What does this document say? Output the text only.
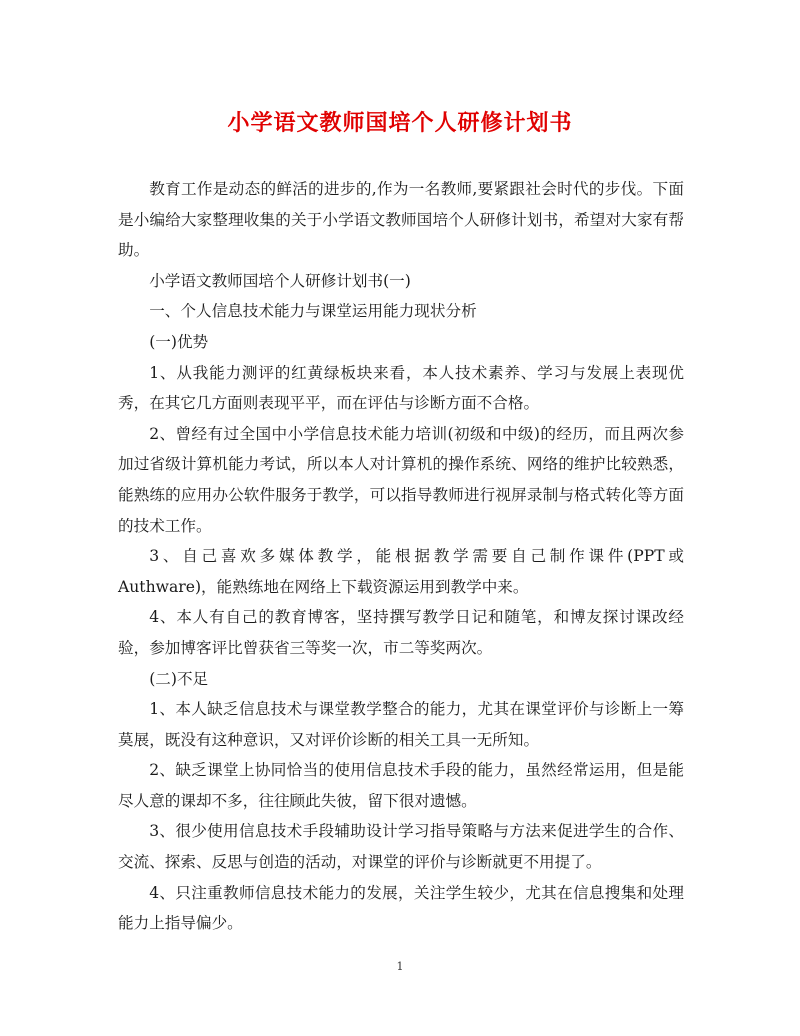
小学语文教师国培个人研修计划书

教育工作是动态的鲜活的进步的,作为一名教师,要紧跟社会时代的步伐。下面是小编给大家整理收集的关于小学语文教师国培个人研修计划书，希望对大家有帮助。

小学语文教师国培个人研修计划书(一)

一、个人信息技术能力与课堂运用能力现状分析

(一)优势

1、从我能力测评的红黄绿板块来看，本人技术素养、学习与发展上表现优秀，在其它几方面则表现平平，而在评估与诊断方面不合格。

2、曾经有过全国中小学信息技术能力培训(初级和中级)的经历，而且两次参加过省级计算机能力考试，所以本人对计算机的操作系统、网络的维护比较熟悉，能熟练的应用办公软件服务于教学，可以指导教师进行视屏录制与格式转化等方面的技术工作。

3、自己喜欢多媒体教学，能根据教学需要自己制作课件(PPT或Authware)，能熟练地在网络上下载资源运用到教学中来。

4、本人有自己的教育博客，坚持撰写教学日记和随笔，和博友探讨课改经验，参加博客评比曾获省三等奖一次，市二等奖两次。

(二)不足

1、本人缺乏信息技术与课堂教学整合的能力，尤其在课堂评价与诊断上一筹莫展，既没有这种意识，又对评价诊断的相关工具一无所知。

2、缺乏课堂上协同恰当的使用信息技术手段的能力，虽然经常运用，但是能尽人意的课却不多，往往顾此失彼，留下很对遗憾。

3、很少使用信息技术手段辅助设计学习指导策略与方法来促进学生的合作、交流、探索、反思与创造的活动，对课堂的评价与诊断就更不用提了。

4、只注重教师信息技术能力的发展，关注学生较少，尤其在信息搜集和处理能力上指导偏少。

1
